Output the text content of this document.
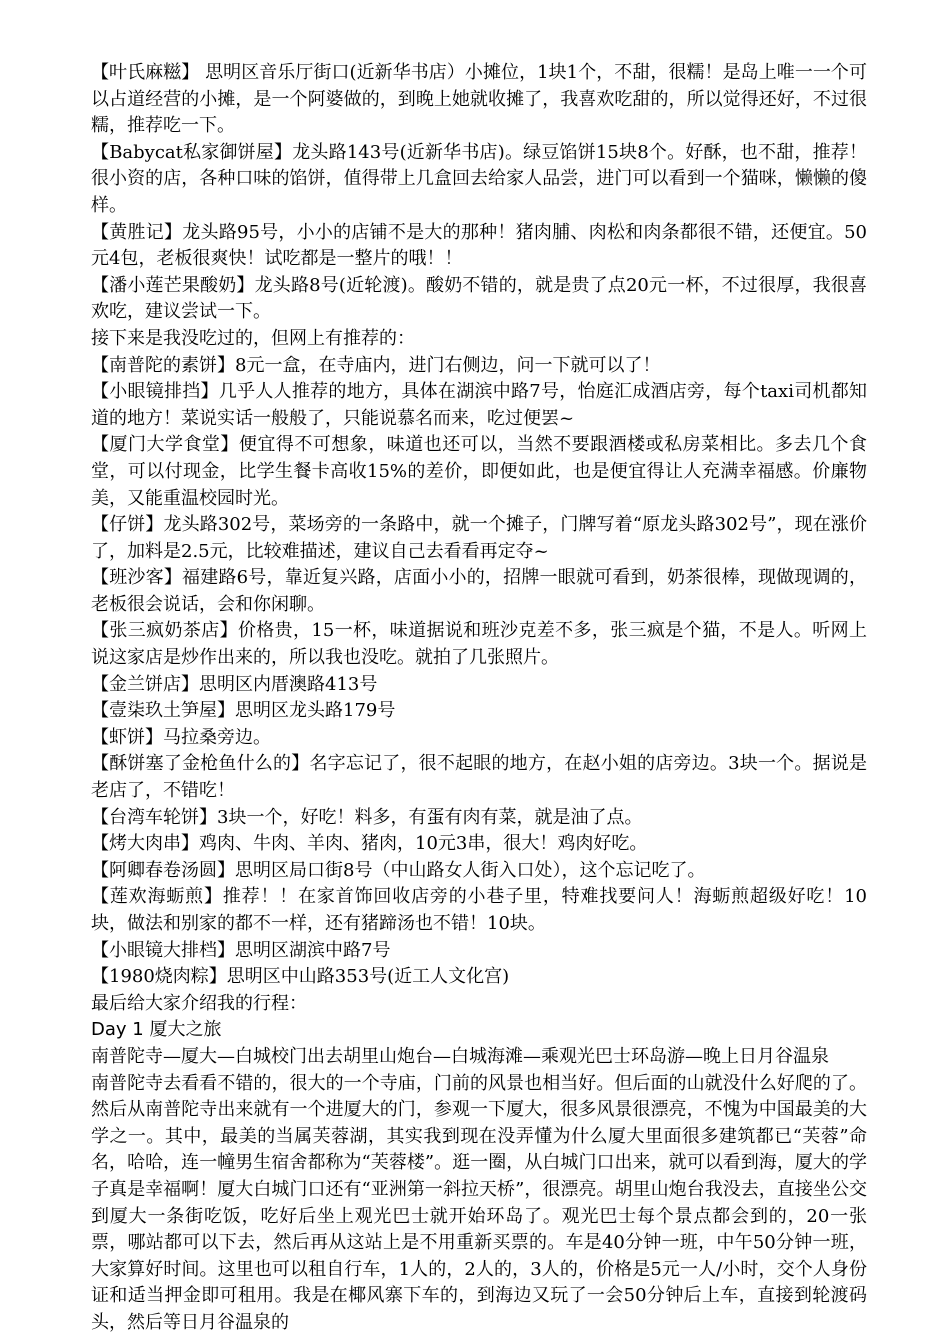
【叶氏麻糍】 思明区音乐厅街口(近新华书店）小摊位，1块1个，不甜，很糯！是岛上唯一一个可以占道经营的小摊，是一个阿婆做的，到晚上她就收摊了，我喜欢吃甜的，所以觉得还好，不过很糯，推荐吃一下。

【Babycat私家御饼屋】龙头路143号(近新华书店)。绿豆馅饼15块8个。好酥，也不甜，推荐！很小资的店，各种口味的馅饼，值得带上几盒回去给家人品尝，进门可以看到一个猫咪，懒懒的傻样。

【黄胜记】龙头路95号，小小的店铺不是大的那种！猪肉脯、肉松和肉条都很不错，还便宜。50元4包，老板很爽快！试吃都是一整片的哦！！

【潘小莲芒果酸奶】龙头路8号(近轮渡)。酸奶不错的，就是贵了点20元一杯，不过很厚，我很喜欢吃，建议尝试一下。

接下来是我没吃过的，但网上有推荐的：

【南普陀的素饼】8元一盒，在寺庙内，进门右侧边，问一下就可以了！

【小眼镜排挡】几乎人人推荐的地方，具体在湖滨中路7号，怡庭汇成酒店旁，每个taxi司机都知道的地方！菜说实话一般般了，只能说慕名而来，吃过便罢~

【厦门大学食堂】便宜得不可想象，味道也还可以，当然不要跟酒楼或私房菜相比。多去几个食堂，可以付现金，比学生餐卡高收15%的差价，即便如此，也是便宜得让人充满幸福感。价廉物美，又能重温校园时光。

【仔饼】龙头路302号，菜场旁的一条路中，就一个摊子，门牌写着“原龙头路302号”，现在涨价了，加料是2.5元，比较难描述，建议自己去看看再定夺~

【班沙客】福建路6号，靠近复兴路，店面小小的，招牌一眼就可看到，奶茶很棒，现做现调的，老板很会说话，会和你闲聊。

【张三疯奶茶店】价格贵，15一杯，味道据说和班沙克差不多，张三疯是个猫，不是人。听网上说这家店是炒作出来的，所以我也没吃。就拍了几张照片。

【金兰饼店】思明区内厝澳路413号

【壹柒玖土笋屋】思明区龙头路179号

【虾饼】马拉桑旁边。

【酥饼塞了金枪鱼什么的】名字忘记了，很不起眼的地方，在赵小姐的店旁边。3块一个。据说是老店了，不错吃！

【台湾车轮饼】3块一个，好吃！料多，有蛋有肉有菜，就是油了点。

【烤大肉串】鸡肉、牛肉、羊肉、猪肉，10元3串，很大！鸡肉好吃。

【阿卿春卷汤圆】思明区局口街8号（中山路女人街入口处），这个忘记吃了。

【莲欢海蛎煎】推荐！！在家首饰回收店旁的小巷子里，特难找要问人！海蛎煎超级好吃！10块，做法和别家的都不一样，还有猪蹄汤也不错！10块。

【小眼镜大排档】思明区湖滨中路7号

【1980烧肉粽】思明区中山路353号(近工人文化宫)

最后给大家介绍我的行程：

Day 1 厦大之旅

南普陀寺—厦大—白城校门出去胡里山炮台—白城海滩—乘观光巴士环岛游—晚上日月谷温泉

南普陀寺去看看不错的，很大的一个寺庙，门前的风景也相当好。但后面的山就没什么好爬的了。然后从南普陀寺出来就有一个进厦大的门，参观一下厦大，很多风景很漂亮，不愧为中国最美的大学之一。其中，最美的当属芙蓉湖，其实我到现在没弄懂为什么厦大里面很多建筑都已“芙蓉”命名，哈哈，连一幢男生宿舍都称为“芙蓉楼”。逛一圈，从白城门口出来，就可以看到海，厦大的学子真是幸福啊！厦大白城门口还有“亚洲第一斜拉天桥”，很漂亮。胡里山炮台我没去，直接坐公交到厦大一条街吃饭，吃好后坐上观光巴士就开始环岛了。观光巴士每个景点都会到的，20一张票，哪站都可以下去，然后再从这站上是不用重新买票的。车是40分钟一班，中午50分钟一班，大家算好时间。这里也可以租自行车，1人的，2人的，3人的，价格是5元一人/小时，交个人身份证和适当押金即可租用。我是在椰风寨下车的，到海边又玩了一会50分钟后上车，直接到轮渡码头，然后等日月谷温泉的
